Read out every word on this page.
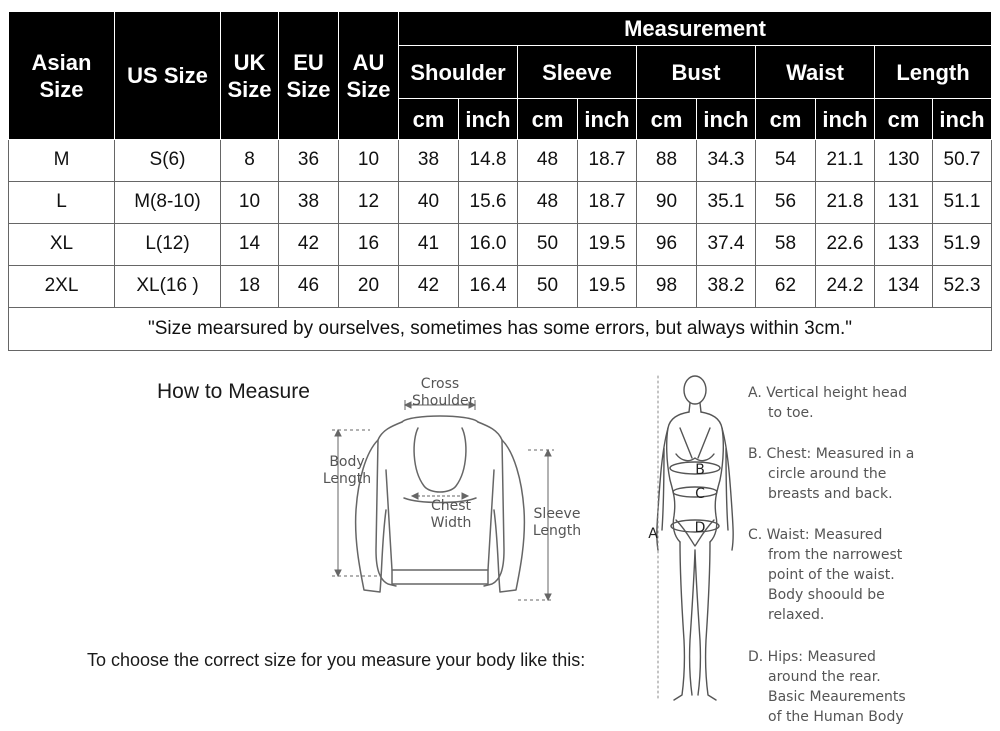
Asian Size	US Size	UK Size	EU Size	AU Size	Measurement									
					Shoulder		Sleeve		Bust		Waist		Length	
					cm	inch	cm	inch	cm	inch	cm	inch	cm	inch
M	S(6)	8	36	10	38	14.8	48	18.7	88	34.3	54	21.1	130	50.7
L	M(8-10)	10	38	12	40	15.6	48	18.7	90	35.1	56	21.8	131	51.1
XL	L(12)	14	42	16	41	16.0	50	19.5	96	37.4	58	22.6	133	51.9
2XL	XL(16 )	18	46	20	42	16.4	50	19.5	98	38.2	62	24.2	134	52.3
"Size mearsured by ourselves, sometimes has some errors, but always within 3cm."														
How to Measure	Cross
Shoulder
Body
Length
Chest
Width
Sleeve
Length
To choose the correct size for you measure your body like this:
B
C
D
A
A. Vertical height head

to toe.
B. Chest: Measured in a

circle around the
breasts and back.
C. Waist: Measured

from the narrowest
point of the waist.
Body shoould be
relaxed.
D. Hips: Measured

around the rear.
Basic Meaurements
of the Human Body
